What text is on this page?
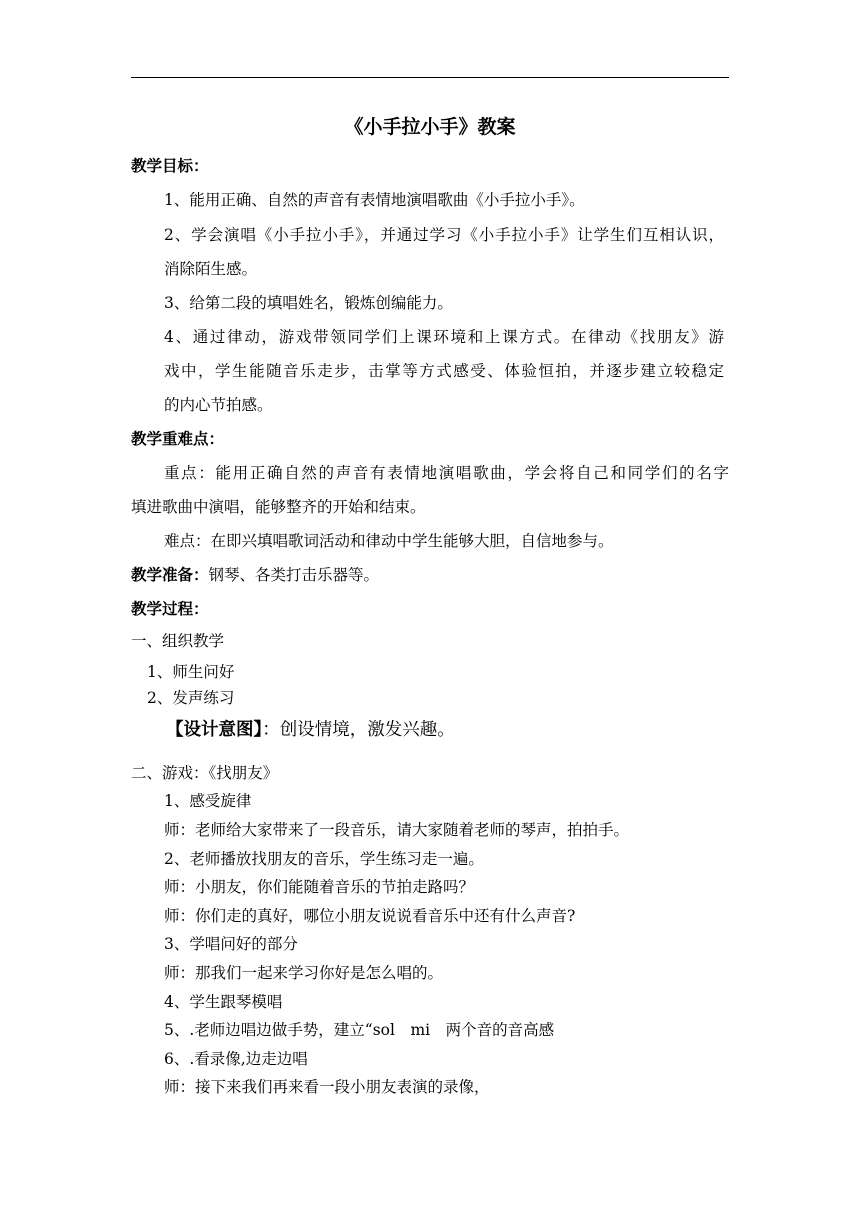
《小手拉小手》教案
教学目标：
1、能用正确、自然的声音有表情地演唱歌曲《小手拉小手》。
2、学会演唱《小手拉小手》，并通过学习《小手拉小手》让学生们互相认识，
消除陌生感。
3、给第二段的填唱姓名，锻炼创编能力。
4、通过律动，游戏带领同学们上课环境和上课方式。在律动《找朋友》游
戏中，学生能随音乐走步，击掌等方式感受、体验恒拍，并逐步建立较稳定
的内心节拍感。
教学重难点：
重点：能用正确自然的声音有表情地演唱歌曲，学会将自己和同学们的名字
填进歌曲中演唱，能够整齐的开始和结束。
难点：在即兴填唱歌词活动和律动中学生能够大胆，自信地参与。
教学准备：钢琴、各类打击乐器等。
教学过程：
一、组织教学
1、师生问好
2、发声练习
【设计意图】：创设情境，激发兴趣。
二、游戏：《找朋友》
1、感受旋律
师：老师给大家带来了一段音乐，请大家随着老师的琴声，拍拍手。
2、老师播放找朋友的音乐，学生练习走一遍。
师：小朋友，你们能随着音乐的节拍走路吗？
师：你们走的真好，哪位小朋友说说看音乐中还有什么声音?
3、学唱问好的部分
师：那我们一起来学习你好是怎么唱的。
4、学生跟琴模唱
5、.老师边唱边做手势，建立“sol　mi　两个音的音高感
6、.看录像,边走边唱
师：接下来我们再来看一段小朋友表演的录像，
